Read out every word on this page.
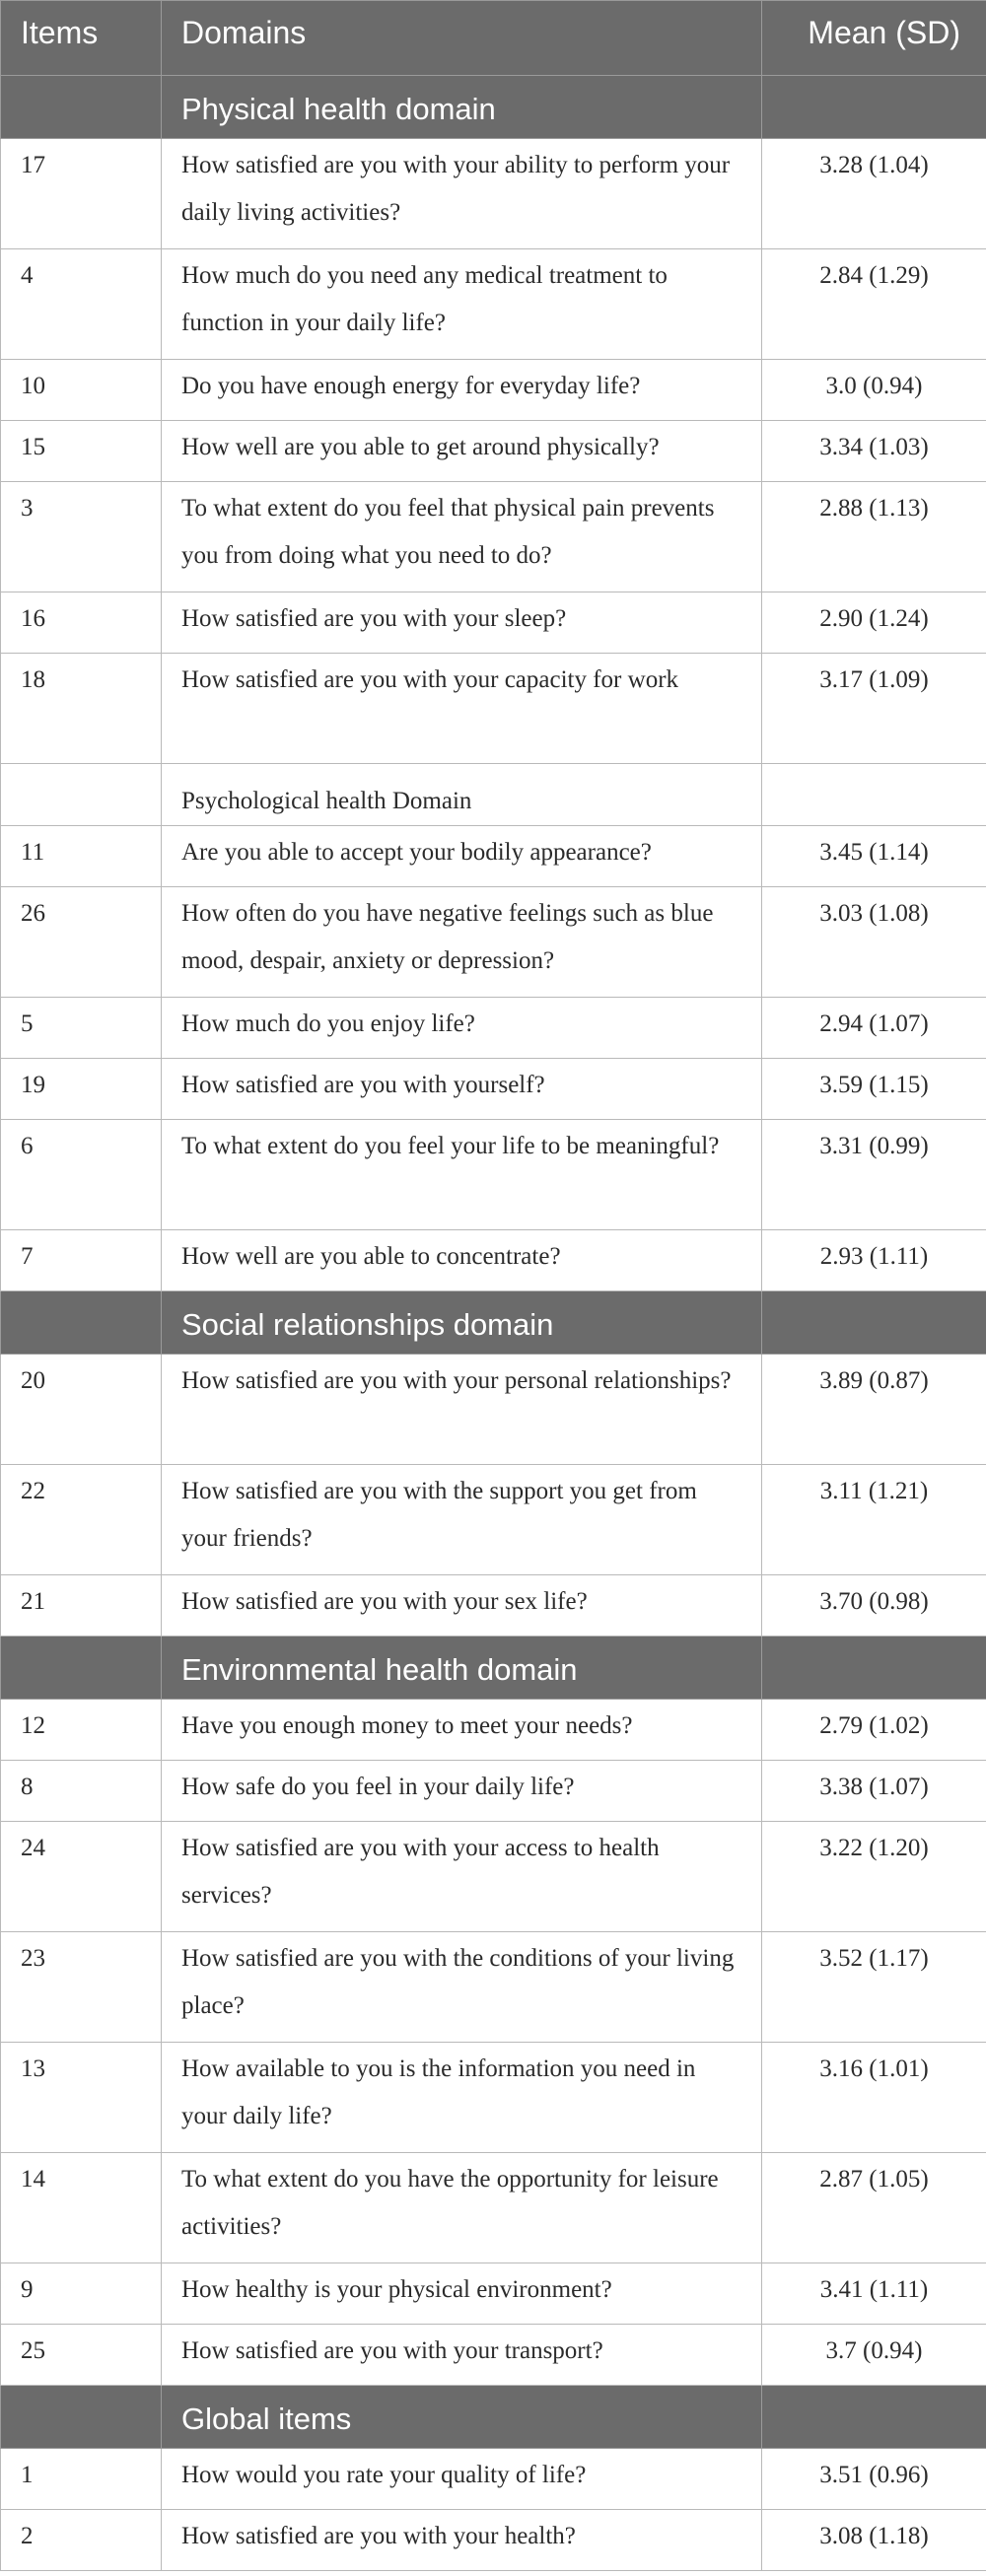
Items	Domains	Mean (SD)
	Physical health domain	
17	How satisfied are you with your ability to perform your daily living activities?	3.28 (1.04)
4	How much do you need any medical treatment to function in your daily life?	2.84 (1.29)
10	Do you have enough energy for everyday life?	3.0 (0.94)
15	How well are you able to get around physically?	3.34 (1.03)
3	To what extent do you feel that physical pain prevents you from doing what you need to do?	2.88 (1.13)
16	How satisfied are you with your sleep?	2.90 (1.24)
18	How satisfied are you with your capacity for work	3.17 (1.09)
	Psychological health Domain	
11	Are you able to accept your bodily appearance?	3.45 (1.14)
26	How often do you have negative feelings such as blue mood, despair, anxiety or depression?	3.03 (1.08)
5	How much do you enjoy life?	2.94 (1.07)
19	How satisfied are you with yourself?	3.59 (1.15)
6	To what extent do you feel your life to be meaningful?	3.31 (0.99)
7	How well are you able to concentrate?	2.93 (1.11)
	Social relationships domain	
20	How satisfied are you with your personal relationships?	3.89 (0.87)
22	How satisfied are you with the support you get from your friends?	3.11 (1.21)
21	How satisfied are you with your sex life?	3.70 (0.98)
	Environmental health domain	
12	Have you enough money to meet your needs?	2.79 (1.02)
8	How safe do you feel in your daily life?	3.38 (1.07)
24	How satisfied are you with your access to health services?	3.22 (1.20)
23	How satisfied are you with the conditions of your living place?	3.52 (1.17)
13	How available to you is the information you need in your daily life?	3.16 (1.01)
14	To what extent do you have the opportunity for leisure activities?	2.87 (1.05)
9	How healthy is your physical environment?	3.41 (1.11)
25	How satisfied are you with your transport?	3.7 (0.94)
	Global items	
1	How would you rate your quality of life?	3.51 (0.96)
2	How satisfied are you with your health?	3.08 (1.18)
